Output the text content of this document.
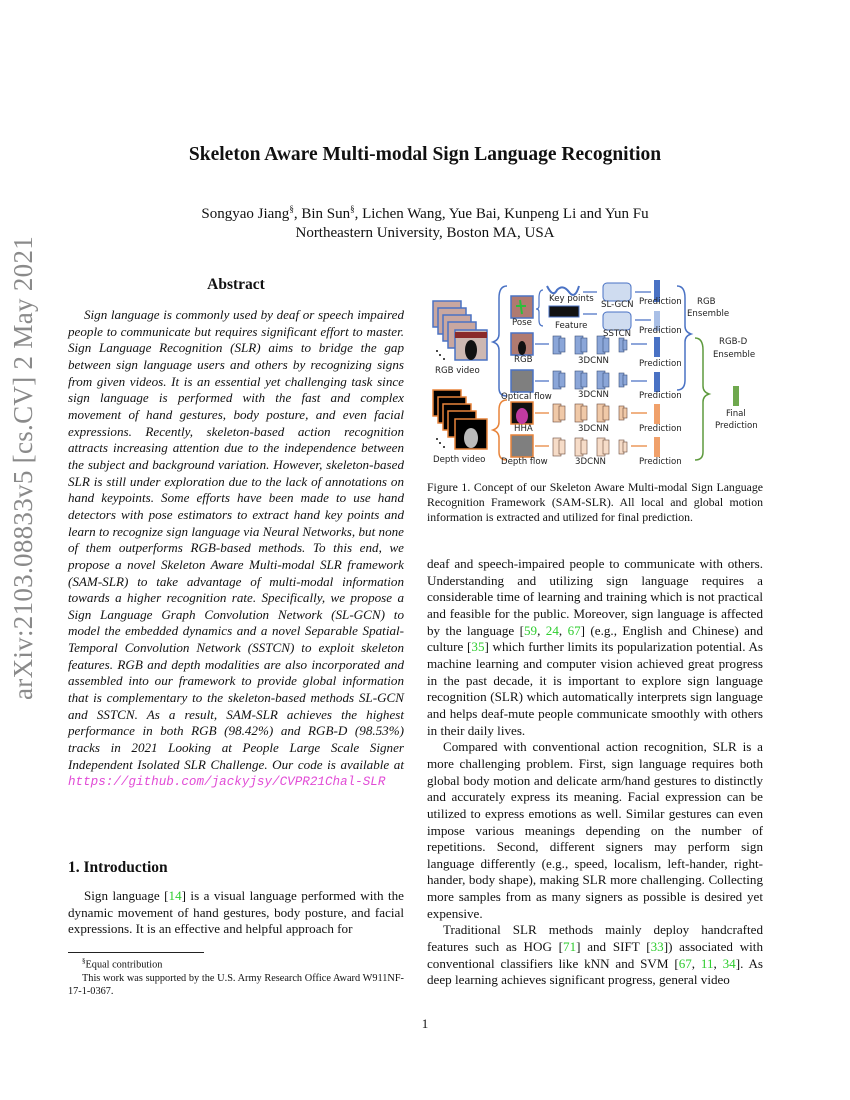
arXiv:2103.08833v5 [cs.CV] 2 May 2021
Skeleton Aware Multi-modal Sign Language Recognition
Songyao Jiang§, Bin Sun§, Lichen Wang, Yue Bai, Kunpeng Li and Yun Fu
Northeastern University, Boston MA, USA
Abstract

Sign language is commonly used by deaf or speech impaired people to communicate but requires significant effort to master. Sign Language Recognition (SLR) aims to bridge the gap between sign language users and others by recognizing signs from given videos. It is an essential yet challenging task since sign language is performed with the fast and complex movement of hand gestures, body posture, and even facial expressions. Recently, skeleton-based action recognition attracts increasing attention due to the independence between the subject and background variation. However, skeleton-based SLR is still under exploration due to the lack of annotations on hand keypoints. Some efforts have been made to use hand detectors with pose estimators to extract hand key points and learn to recognize sign language via Neural Networks, but none of them outperforms RGB-based methods. To this end, we propose a novel Skeleton Aware Multi-modal SLR framework (SAM-SLR) to take advantage of multi-modal information towards a higher recognition rate. Specifically, we propose a Sign Language Graph Convolution Network (SL-GCN) to model the embedded dynamics and a novel Separable Spatial-Temporal Convolution Network (SSTCN) to exploit skeleton features. RGB and depth modalities are also incorporated and assembled into our framework to provide global information that is complementary to the skeleton-based methods SL-GCN and SSTCN. As a result, SAM-SLR achieves the highest performance in both RGB (98.42%) and RGB-D (98.53%) tracks in 2021 Looking at People Large Scale Signer Independent Isolated SLR Challenge. Our code is available at https://github.com/jackyjsy/CVPR21Chal-SLR

1. Introduction

Sign language [14] is a visual language performed with the dynamic movement of hand gestures, body posture, and facial expressions. It is an effective and helpful approach for

§Equal contribution

This work was supported by the U.S. Army Research Office Award W911NF-17-1-0367.

RGB video
Depth video
Pose
RGB
Optical flow
HHA
Depth flow
Key points
Feature
SL-GCN
SSTCN
3DCNN
3DCNN
3DCNN
3DCNN
Prediction
Prediction
Prediction
Prediction
Prediction
Prediction
RGB
Ensemble
RGB-D
Ensemble
Final
Prediction
Figure 1. Concept of our Skeleton Aware Multi-modal Sign Language Recognition Framework (SAM-SLR). All local and global motion information is extracted and utilized for final prediction.

deaf and speech-impaired people to communicate with others. Understanding and utilizing sign language requires a considerable time of learning and training which is not practical and feasible for the public. Moreover, sign language is affected by the language [59, 24, 67] (e.g., English and Chinese) and culture [35] which further limits its popularization potential. As machine learning and computer vision achieved great progress in the past decade, it is important to explore sign language recognition (SLR) which automatically interprets sign language and helps deaf-mute people communicate smoothly with others in their daily lives.

Compared with conventional action recognition, SLR is a more challenging problem. First, sign language requires both global body motion and delicate arm/hand gestures to distinctly and accurately express its meaning. Facial expression can be utilized to express emotions as well. Similar gestures can even impose various meanings depending on the number of repetitions. Second, different signers may perform sign language differently (e.g., speed, localism, left-hander, right-hander, body shape), making SLR more challenging. Collecting more samples from as many signers as possible is desired yet expensive.

Traditional SLR methods mainly deploy handcrafted features such as HOG [71] and SIFT [33]) associated with conventional classifiers like kNN and SVM [67, 11, 34]. As deep learning achieves significant progress, general video

1
